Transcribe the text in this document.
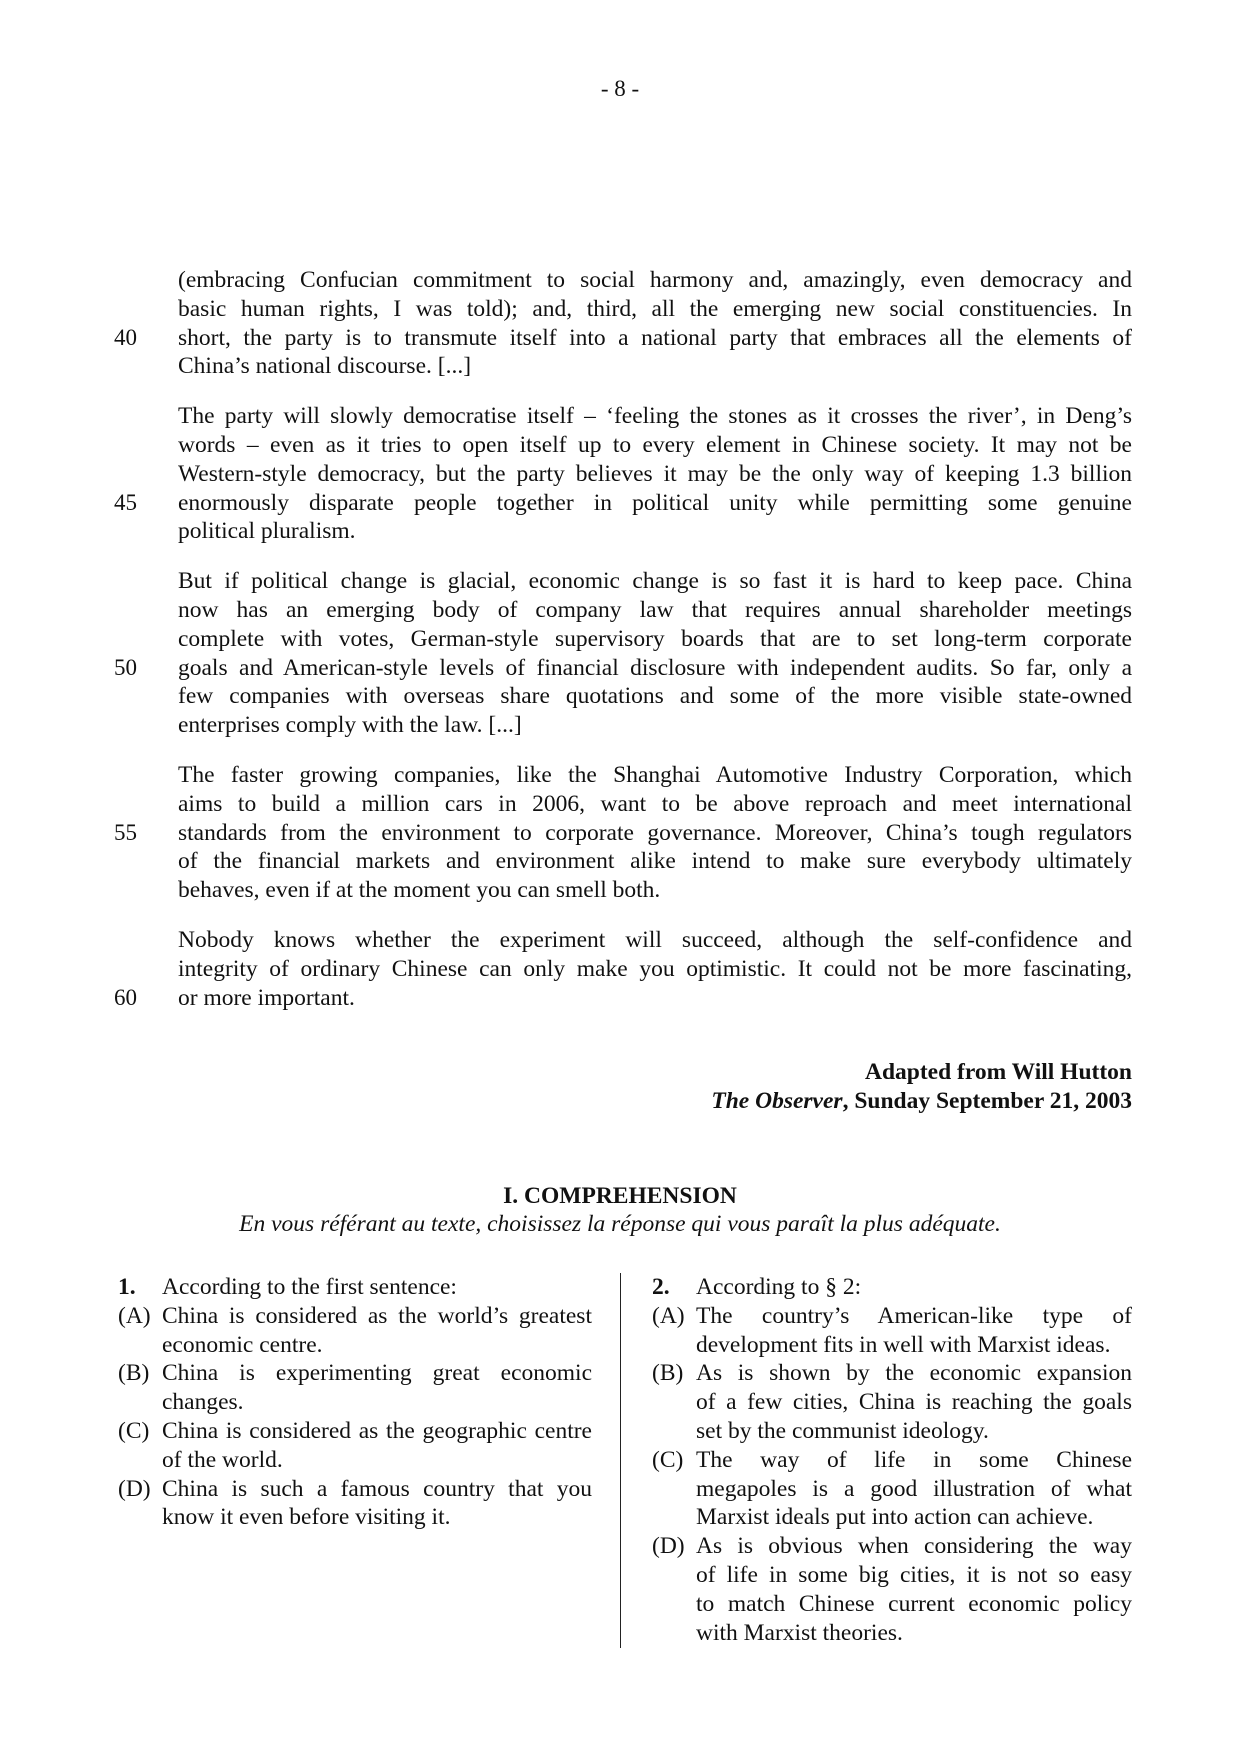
- 8 -
(embracing Confucian commitment to social harmony and, amazingly, even democracy and
basic human rights, I was told); and, third, all the emerging new social constituencies. In
40	short, the party is to transmute itself into a national party that embraces all the elements of
China’s national discourse. [...]
The party will slowly democratise itself – ‘feeling the stones as it crosses the river’, in Deng’s
words – even as it tries to open itself up to every element in Chinese society. It may not be
Western-style democracy, but the party believes it may be the only way of keeping 1.3 billion
45	enormously disparate people together in political unity while permitting some genuine
political pluralism.
But if political change is glacial, economic change is so fast it is hard to keep pace. China
now has an emerging body of company law that requires annual shareholder meetings
complete with votes, German-style supervisory boards that are to set long-term corporate
50	goals and American-style levels of financial disclosure with independent audits. So far, only a
few companies with overseas share quotations and some of the more visible state-owned
enterprises comply with the law. [...]
The faster growing companies, like the Shanghai Automotive Industry Corporation, which
aims to build a million cars in 2006, want to be above reproach and meet international
55	standards from the environment to corporate governance. Moreover, China’s tough regulators
of the financial markets and environment alike intend to make sure everybody ultimately
behaves, even if at the moment you can smell both.
Nobody knows whether the experiment will succeed, although the self-confidence and
integrity of ordinary Chinese can only make you optimistic. It could not be more fascinating,
60	or more important.
Adapted from Will Hutton
The Observer, Sunday September 21, 2003
I. COMPREHENSION
En vous référant au texte, choisissez la réponse qui vous paraît la plus adéquate.
1.	According to the first sentence:
(A) China is considered as the world’s greatest
economic centre.
(B) China is experimenting great economic
changes.
(C) China is considered as the geographic centre
of the world.
(D) China is such a famous country that you
know it even before visiting it.
2.	According to § 2:
(A) The country’s American-like type of
development fits in well with Marxist ideas.
(B) As is shown by the economic expansion
of a few cities, China is reaching the goals
set by the communist ideology.
(C) The way of life in some Chinese
megapoles is a good illustration of what
Marxist ideals put into action can achieve.
(D) As is obvious when considering the way
of life in some big cities, it is not so easy
to match Chinese current economic policy
with Marxist theories.
